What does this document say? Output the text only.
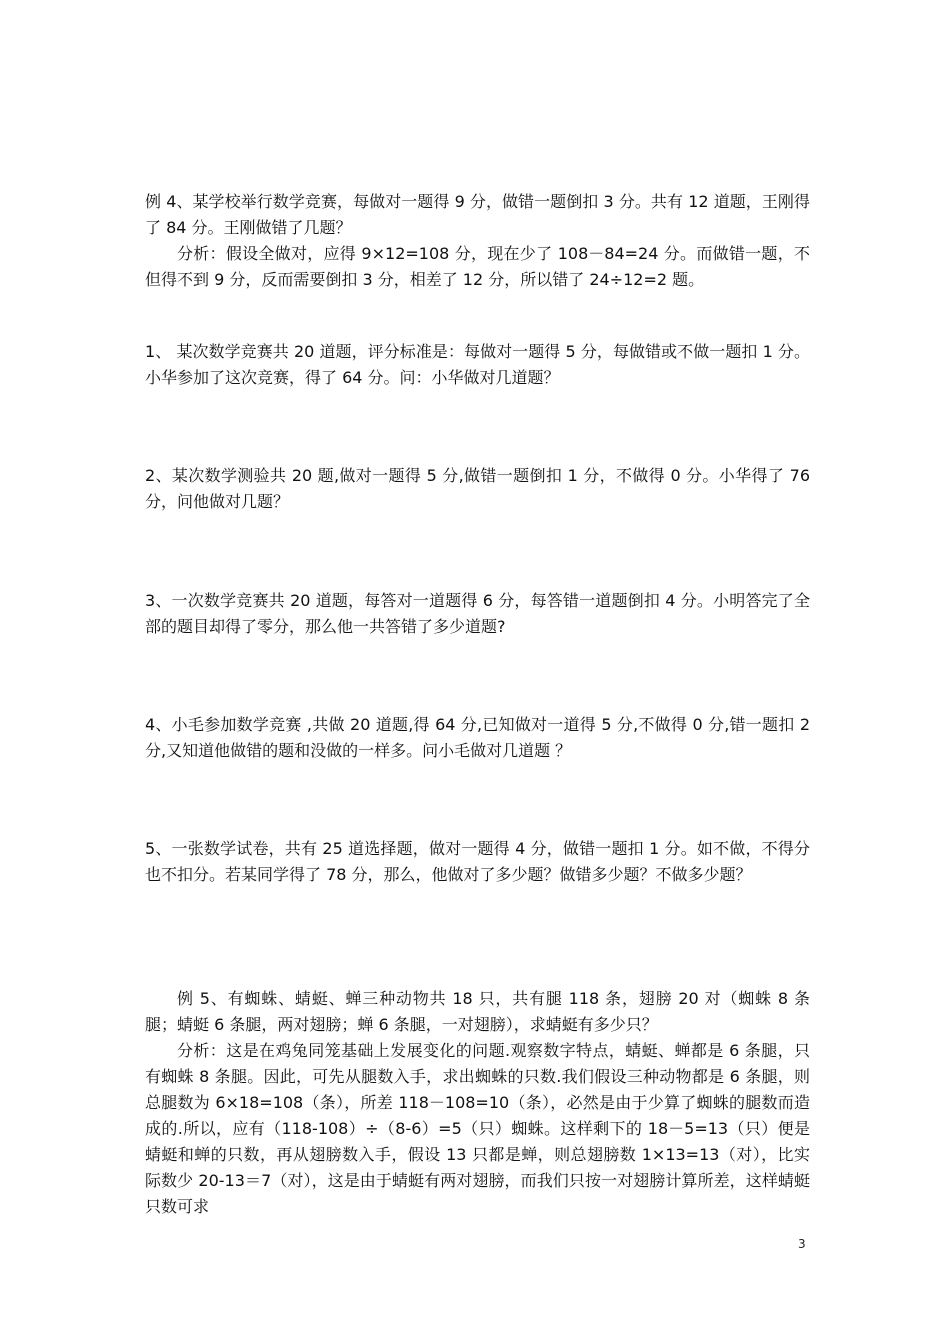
例 4、某学校举行数学竞赛，每做对一题得 9 分，做错一题倒扣 3 分。共有 12 道题，王刚得了 84 分。王刚做错了几题？

分析：假设全做对，应得 9×12=108 分，现在少了 108－84=24 分。而做错一题，不但得不到 9 分，反而需要倒扣 3 分，相差了 12 分，所以错了 24÷12=2 题。

1、 某次数学竞赛共 20 道题，评分标准是：每做对一题得 5 分，每做错或不做一题扣 1 分。小华参加了这次竞赛，得了 64 分。问：小华做对几道题？

2、某次数学测验共 20 题,做对一题得 5 分,做错一题倒扣 1 分，不做得 0 分。小华得了 76 分，问他做对几题？

3、一次数学竞赛共 20 道题，每答对一道题得 6 分，每答错一道题倒扣 4 分。小明答完了全部的题目却得了零分，那么他一共答错了多少道题?

4、小毛参加数学竞赛 ,共做 20 道题,得 64 分,已知做对一道得 5 分,不做得 0 分,错一题扣 2 分,又知道他做错的题和没做的一样多。问小毛做对几道题 ？

5、一张数学试卷，共有 25 道选择题，做对一题得 4 分，做错一题扣 1 分。如不做，不得分也不扣分。若某同学得了 78 分，那么，他做对了多少题？做错多少题？不做多少题？

例 5、有蜘蛛、蜻蜓、蝉三种动物共 18 只，共有腿 118 条，翅膀 20 对（蜘蛛 8 条腿；蜻蜓 6 条腿，两对翅膀；蝉 6 条腿，一对翅膀），求蜻蜓有多少只？

分析：这是在鸡兔同笼基础上发展变化的问题.观察数字特点，蜻蜓、蝉都是 6 条腿，只有蜘蛛 8 条腿。因此，可先从腿数入手，求出蜘蛛的只数.我们假设三种动物都是 6 条腿，则总腿数为 6×18=108（条），所差 118－108=10（条），必然是由于少算了蜘蛛的腿数而造成的.所以，应有（118-108）÷（8-6）=5（只）蜘蛛。这样剩下的 18－5=13（只）便是蜻蜓和蝉的只数，再从翅膀数入手，假设 13 只都是蝉，则总翅膀数 1×13=13（对），比实际数少 20-13＝7（对），这是由于蜻蜓有两对翅膀，而我们只按一对翅膀计算所差，这样蜻蜓只数可求

3
